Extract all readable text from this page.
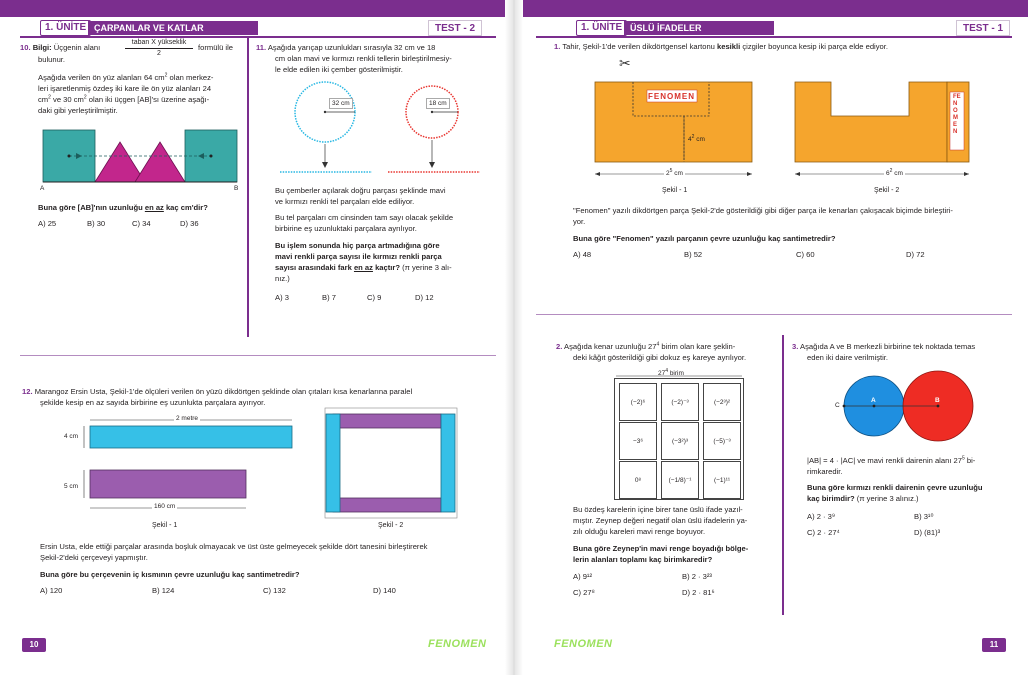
1. ÜNİTE ÇARPANLAR VE KATLAR	TEST - 2
10. Bilgi: Üçgenin alanı
taban X yükseklik
2
formülü ile
bulunur.
Aşağıda verilen ön yüz alanları 64 $cm^2$ olan merkez-
leri işaretlenmiş özdeş iki kare ile ön yüz alanları 24
$cm^2$ ve 30 $cm^2$ olan iki üçgen [AB]'sı üzerine aşağı-
daki gibi yerleştirilmiştir.
A	B
Buna göre [AB]'nın uzunluğu en az kaç cm'dir?
A) 25	B) 30	C) 34	D) 36
11. Aşağıda yarıçap uzunlukları sırasıyla 32 cm ve 18
cm olan mavi ve kırmızı renkli tellerin birleştirilmesiy-
le elde edilen iki çember gösterilmiştir.
32 cm	18 cm
Bu çemberler açılarak doğru parçası şeklinde mavi
ve kırmızı renkli tel parçaları elde ediliyor.
Bu tel parçaları cm cinsinden tam sayı olacak şekilde
birbirine eş uzunluktaki parçalara ayrılıyor.
Bu işlem sonunda hiç parça artmadığına göre
mavi renkli parça sayısı ile kırmızı renkli parça
sayısı arasındaki fark en az kaçtır? (π yerine 3 alı-
nız.)
A) 3	B) 7	C) 9	D) 12
12. Marangoz Ersin Usta, Şekil-1'de ölçüleri verilen ön yüzü dikdörtgen şeklinde olan çıtaları kısa kenarlarına paralel
şekilde kesip en az sayıda birbirine eş uzunlukta parçalara ayırıyor.
2 metre
4 cm
5 cm
160 cm
Şekil - 1	Şekil - 2
Ersin Usta, elde ettiği parçalar arasında boşluk olmayacak ve üst üste gelmeyecek şekilde dört tanesini birleştirerek
Şekil-2'deki çerçeveyi yapmıştır.
Buna göre bu çerçevenin iç kısmının çevre uzunluğu kaç santimetredir?
A) 120	B) 124	C) 132	D) 140
10	FENOMEN
1. ÜNİTE ÜSLÜ İFADELER	TEST - 1
1. Tahir, Şekil-1'de verilen dikdörtgensel kartonu kesikli çizgiler boyunca kesip iki parça elde ediyor.
✂
FENOMEN	FENOMEN
$4^2$ cm
$2^5$ cm	$6^2$ cm
Şekil - 1	Şekil - 2
"Fenomen" yazılı dikdörtgen parça Şekil-2'de gösterildiği gibi diğer parça ile kenarları çakışacak biçimde birleştiri-
yor.
Buna göre "Fenomen" yazılı parçanın çevre uzunluğu kaç santimetredir?
A) 48	B) 52	C) 60	D) 72
2. Aşağıda kenar uzunluğu $27^4$ birim olan kare şeklin-
deki kâğıt gösterildiği gibi dokuz eş kareye ayrılıyor.
$27^4$ birim
(−2)⁶	(−2)⁻³	(−2³)²
−3⁶	(−3²)³	(−5)⁻³
0⁸	(−1/8)⁻¹	(−1)¹¹
Bu özdeş karelerin içine birer tane üslü ifade yazıl-
mıştır. Zeynep değeri negatif olan üslü ifadelerin ya-
zılı olduğu kareleri mavi renge boyuyor.
Buna göre Zeynep'in mavi renge boyadığı bölge-
lerin alanları toplamı kaç birimkaredir?
A) 9¹²	B) 2 · 3²³
C) 27⁸	D) 2 · 81⁶
3. Aşağıda A ve B merkezli birbirine tek noktada temas
eden iki daire verilmiştir.
C
A	B
|AB| = 4 · |AC| ve mavi renkli dairenin alanı $27^5$ bi-
rimkaredir.
Buna göre kırmızı renkli dairenin çevre uzunluğu
kaç birimdir? (π yerine 3 alınız.)
A) 2 · 3⁹	B) 3¹⁰
C) 2 · 27⁴	D) (81)³
FENOMEN	11
